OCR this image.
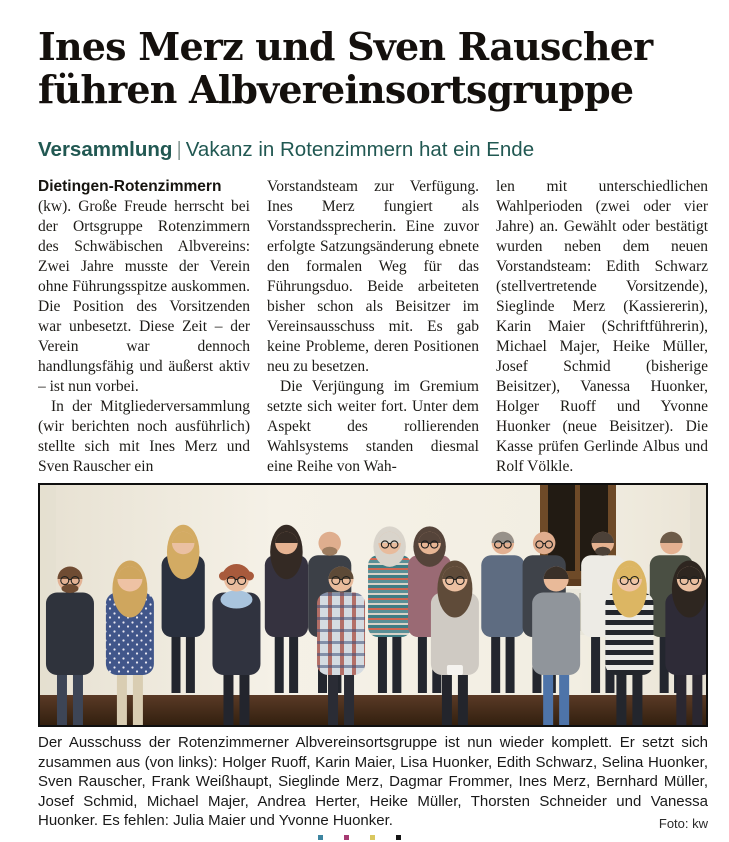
Ines Merz und Sven Rauscher
führen Albvereinsortsgruppe
Versammlung | Vakanz in Rotenzimmern hat ein Ende
Dietingen-Rotenzimmern

(kw). Große Freude herrscht bei der Ortsgruppe Rotenzimmern des Schwäbischen Albvereins: Zwei Jahre musste der Verein ohne Führungsspitze auskommen. Die Position des Vorsitzenden war unbesetzt. Diese Zeit – der Verein war dennoch handlungsfähig und äußerst aktiv – ist nun vorbei.

In der Mitgliederversammlung (wir berichten noch ausführlich) stellte sich mit Ines Merz und Sven Rauscher ein

Vorstandsteam zur Verfügung. Ines Merz fungiert als Vorstandssprecherin. Eine zuvor erfolgte Satzungsänderung ebnete den formalen Weg für das Führungsduo. Beide arbeiteten bisher schon als Beisitzer im Vereinsausschuss mit. Es gab keine Probleme, deren Positionen neu zu besetzen.

Die Verjüngung im Gremium setzte sich weiter fort. Unter dem Aspekt des rollierenden Wahlsystems standen diesmal eine Reihe von Wah-

len mit unterschiedlichen Wahlperioden (zwei oder vier Jahre) an. Gewählt oder bestätigt wurden neben dem neuen Vorstandsteam: Edith Schwarz (stellvertretende Vorsitzende), Sieglinde Merz (Kassiererin), Karin Maier (Schriftführerin), Michael Majer, Heike Müller, Josef Schmid (bisherige Beisitzer), Vanessa Huonker, Holger Ruoff und Yvonne Huonker (neue Beisitzer). Die Kasse prüfen Gerlinde Albus und Rolf Völkle.

Der Ausschuss der Rotenzimmerner Albvereinsortsgruppe ist nun wieder komplett. Er setzt sich zusammen aus (von links): Holger Ruoff, Karin Maier, Lisa Huonker, Edith Schwarz, Selina Huonker, Sven Rauscher, Frank Weißhaupt, Sieglinde Merz, Dagmar Frommer, Ines Merz, Bernhard Müller, Josef Schmid, Michael Majer, Andrea Herter, Heike Müller, Thorsten Schneider und Vanessa Huonker. Es fehlen: Julia Maier und Yvonne Huonker.	Foto: kw
